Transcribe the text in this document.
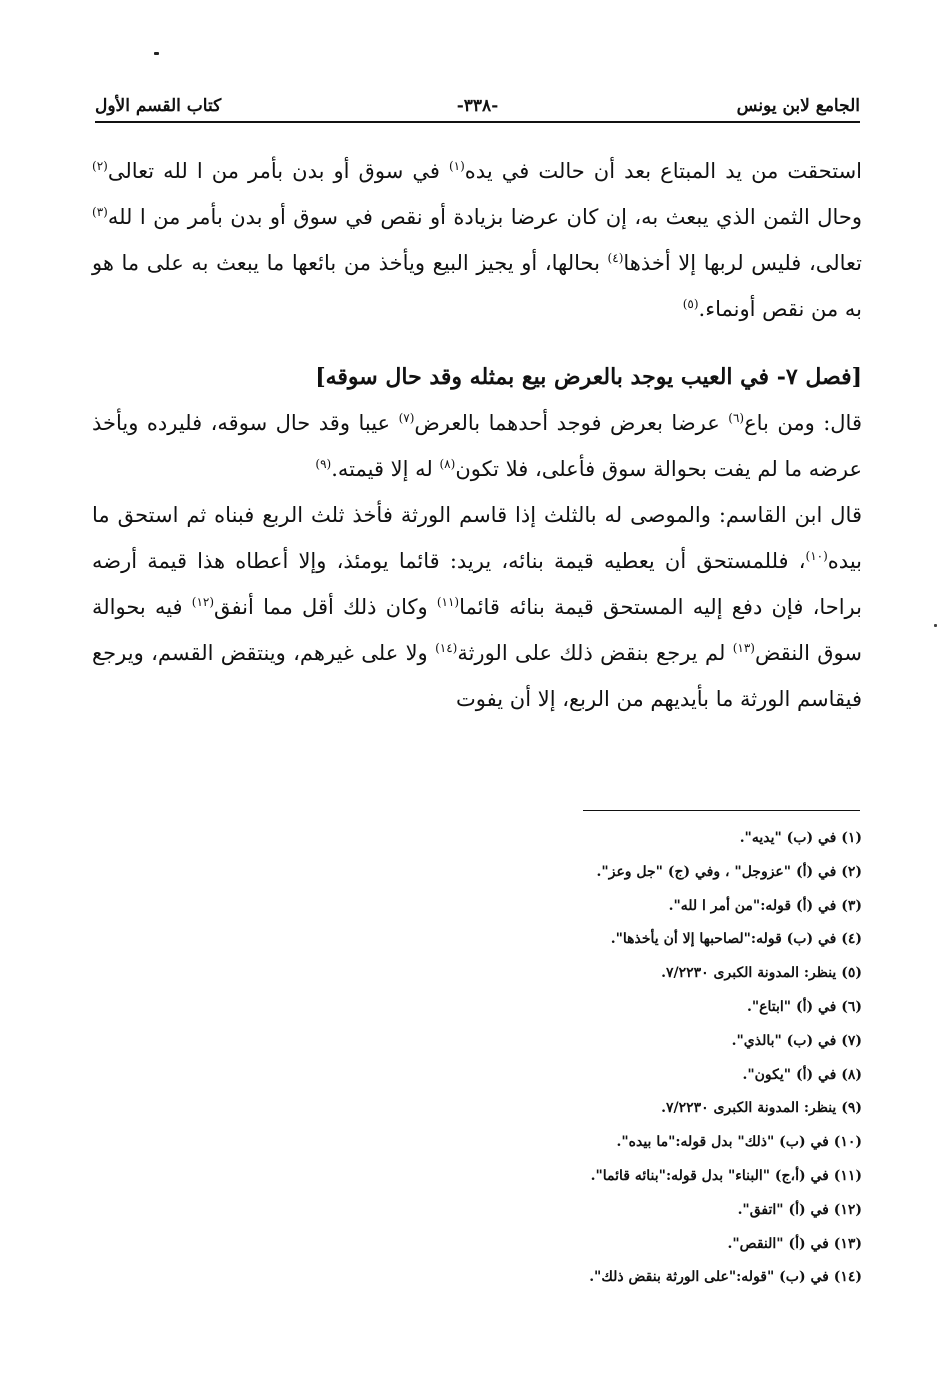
الجامع لابن يونس
-٣٣٨-
كتاب القسم الأول

استحقت من يد المبتاع بعد أن حالت في يده$^{(١)}$ في سوق أو بدن بأمر من ا لله تعالى$^{(٢)}$ وحال الثمن الذي يبعث به، إن كان عرضا بزيادة أو نقص في سوق أو بدن بأمر من ا لله$^{(٣)}$ تعالى، فليس لربها إلا أخذها$^{(٤)}$ بحالها، أو يجيز البيع ويأخذ من بائعها ما يبعث به على ما هو به من نقص أونماء.$^{(٥)}$

[فصل ٧- في العيب يوجد بالعرض بيع بمثله وقد حال سوقه]

قال: ومن باع$^{(٦)}$ عرضا بعرض فوجد أحدهما بالعرض$^{(٧)}$ عيبا وقد حال سوقه، فليرده ويأخذ عرضه ما لم يفت بحوالة سوق فأعلى، فلا تكون$^{(٨)}$ له إلا قيمته.$^{(٩)}$

قال ابن القاسم: والموصى له بالثلث إذا قاسم الورثة فأخذ ثلث الربع فبناه ثم استحق ما بيده$^{(١٠)}$، فللمستحق أن يعطيه قيمة بنائه، يريد: قائما يومئذ، وإلا أعطاه هذا قيمة أرضه براحا، فإن دفع إليه المستحق قيمة بنائه قائما$^{(١١)}$ وكان ذلك أقل مما أنفق$^{(١٢)}$ فيه بحوالة سوق النقض$^{(١٣)}$ لم يرجع بنقض ذلك على الورثة$^{(١٤)}$ ولا على غيرهم، وينتقض القسم، ويرجع فيقاسم الورثة ما بأيديهم من الربع، إلا أن يفوت

(١) في (ب) "يديه".
(٢) في (أ) "عزوجل" ، وفي (ج) "جل وعز".
(٣) في (أ) قوله:"من أمر ا لله".
(٤) في (ب) قوله:"لصاحبها إلا أن يأخذها".
(٥) ينظر: المدونة الكبرى ٧/٢٢٣٠.
(٦) في (أ) "ابتاع".
(٧) في (ب) "بالذي".
(٨) في (أ) "يكون".
(٩) ينظر: المدونة الكبرى ٧/٢٢٣٠.
(١٠) في (ب) "ذلك" بدل قوله:"ما بيده".
(١١) في (أ،ج) "البناء" بدل قوله:"بنائه قائما".
(١٢) في (أ) "اتفق".
(١٣) في (أ) "النقص".
(١٤) في (ب) "قوله:"على الورثة بنقض ذلك".
